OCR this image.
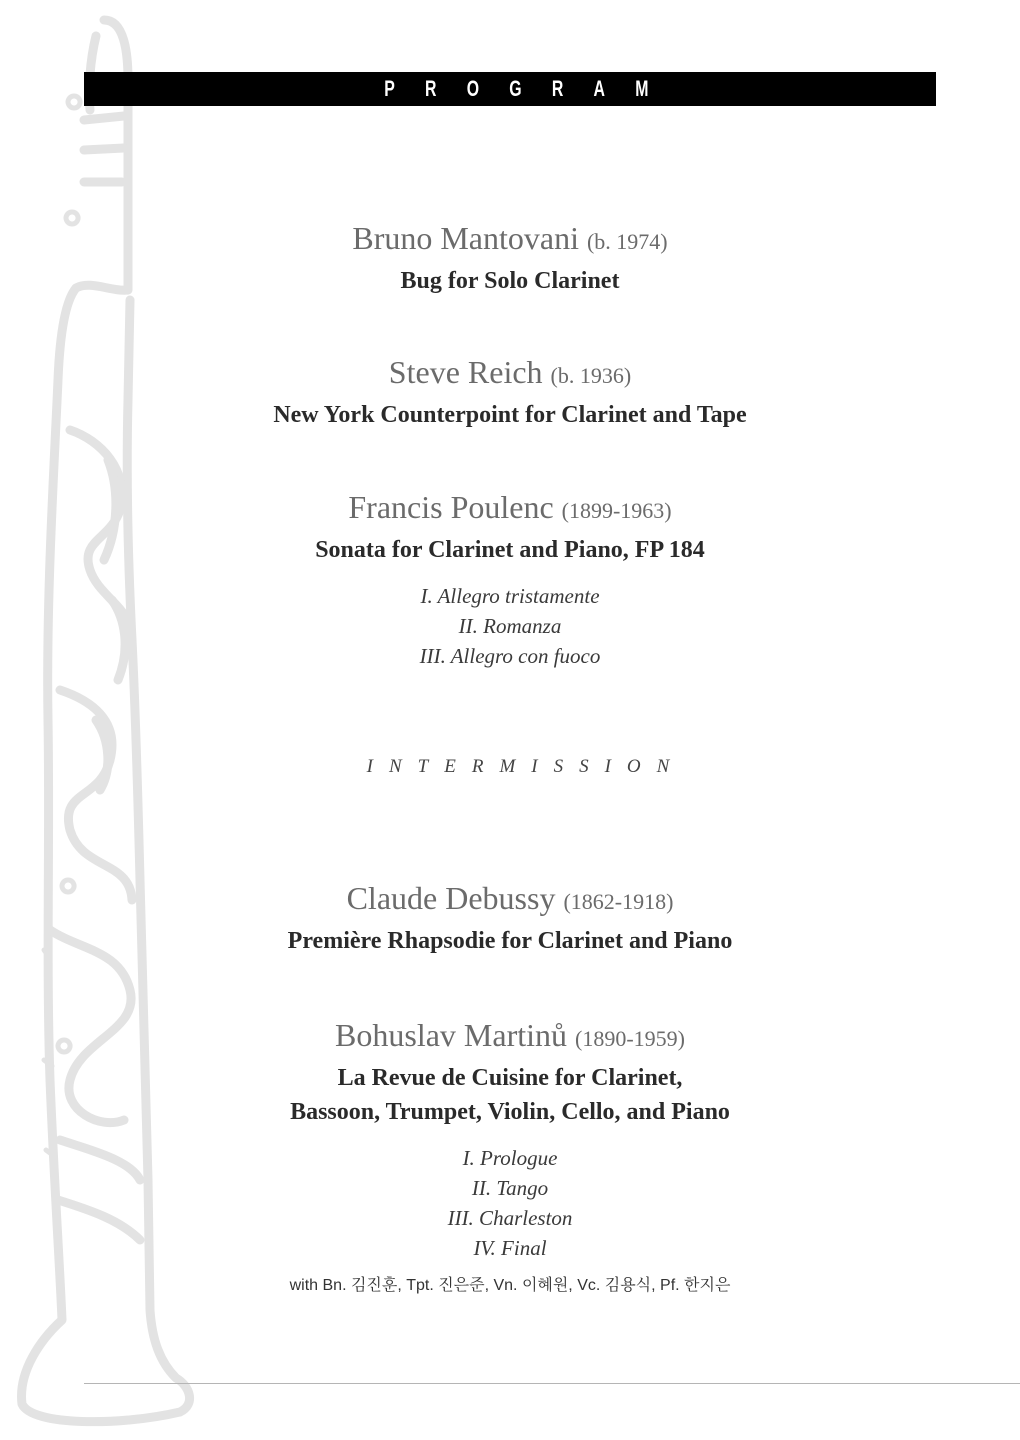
PROGRAM
Bruno Mantovani (b. 1974)
Bug for Solo Clarinet
Steve Reich (b. 1936)
New York Counterpoint for Clarinet and Tape
Francis Poulenc (1899-1963)
Sonata for Clarinet and Piano, FP 184
I. Allegro tristamente
II. Romanza
III. Allegro con fuoco
INTERMISSION
Claude Debussy (1862-1918)
Première Rhapsodie for Clarinet and Piano
Bohuslav Martinů (1890-1959)
La Revue de Cuisine for Clarinet,
Bassoon, Trumpet, Violin, Cello, and Piano
I. Prologue
II. Tango
III. Charleston
IV. Final
with Bn. 김진훈, Tpt. 진은준, Vn. 이혜원, Vc. 김용식, Pf. 한지은
